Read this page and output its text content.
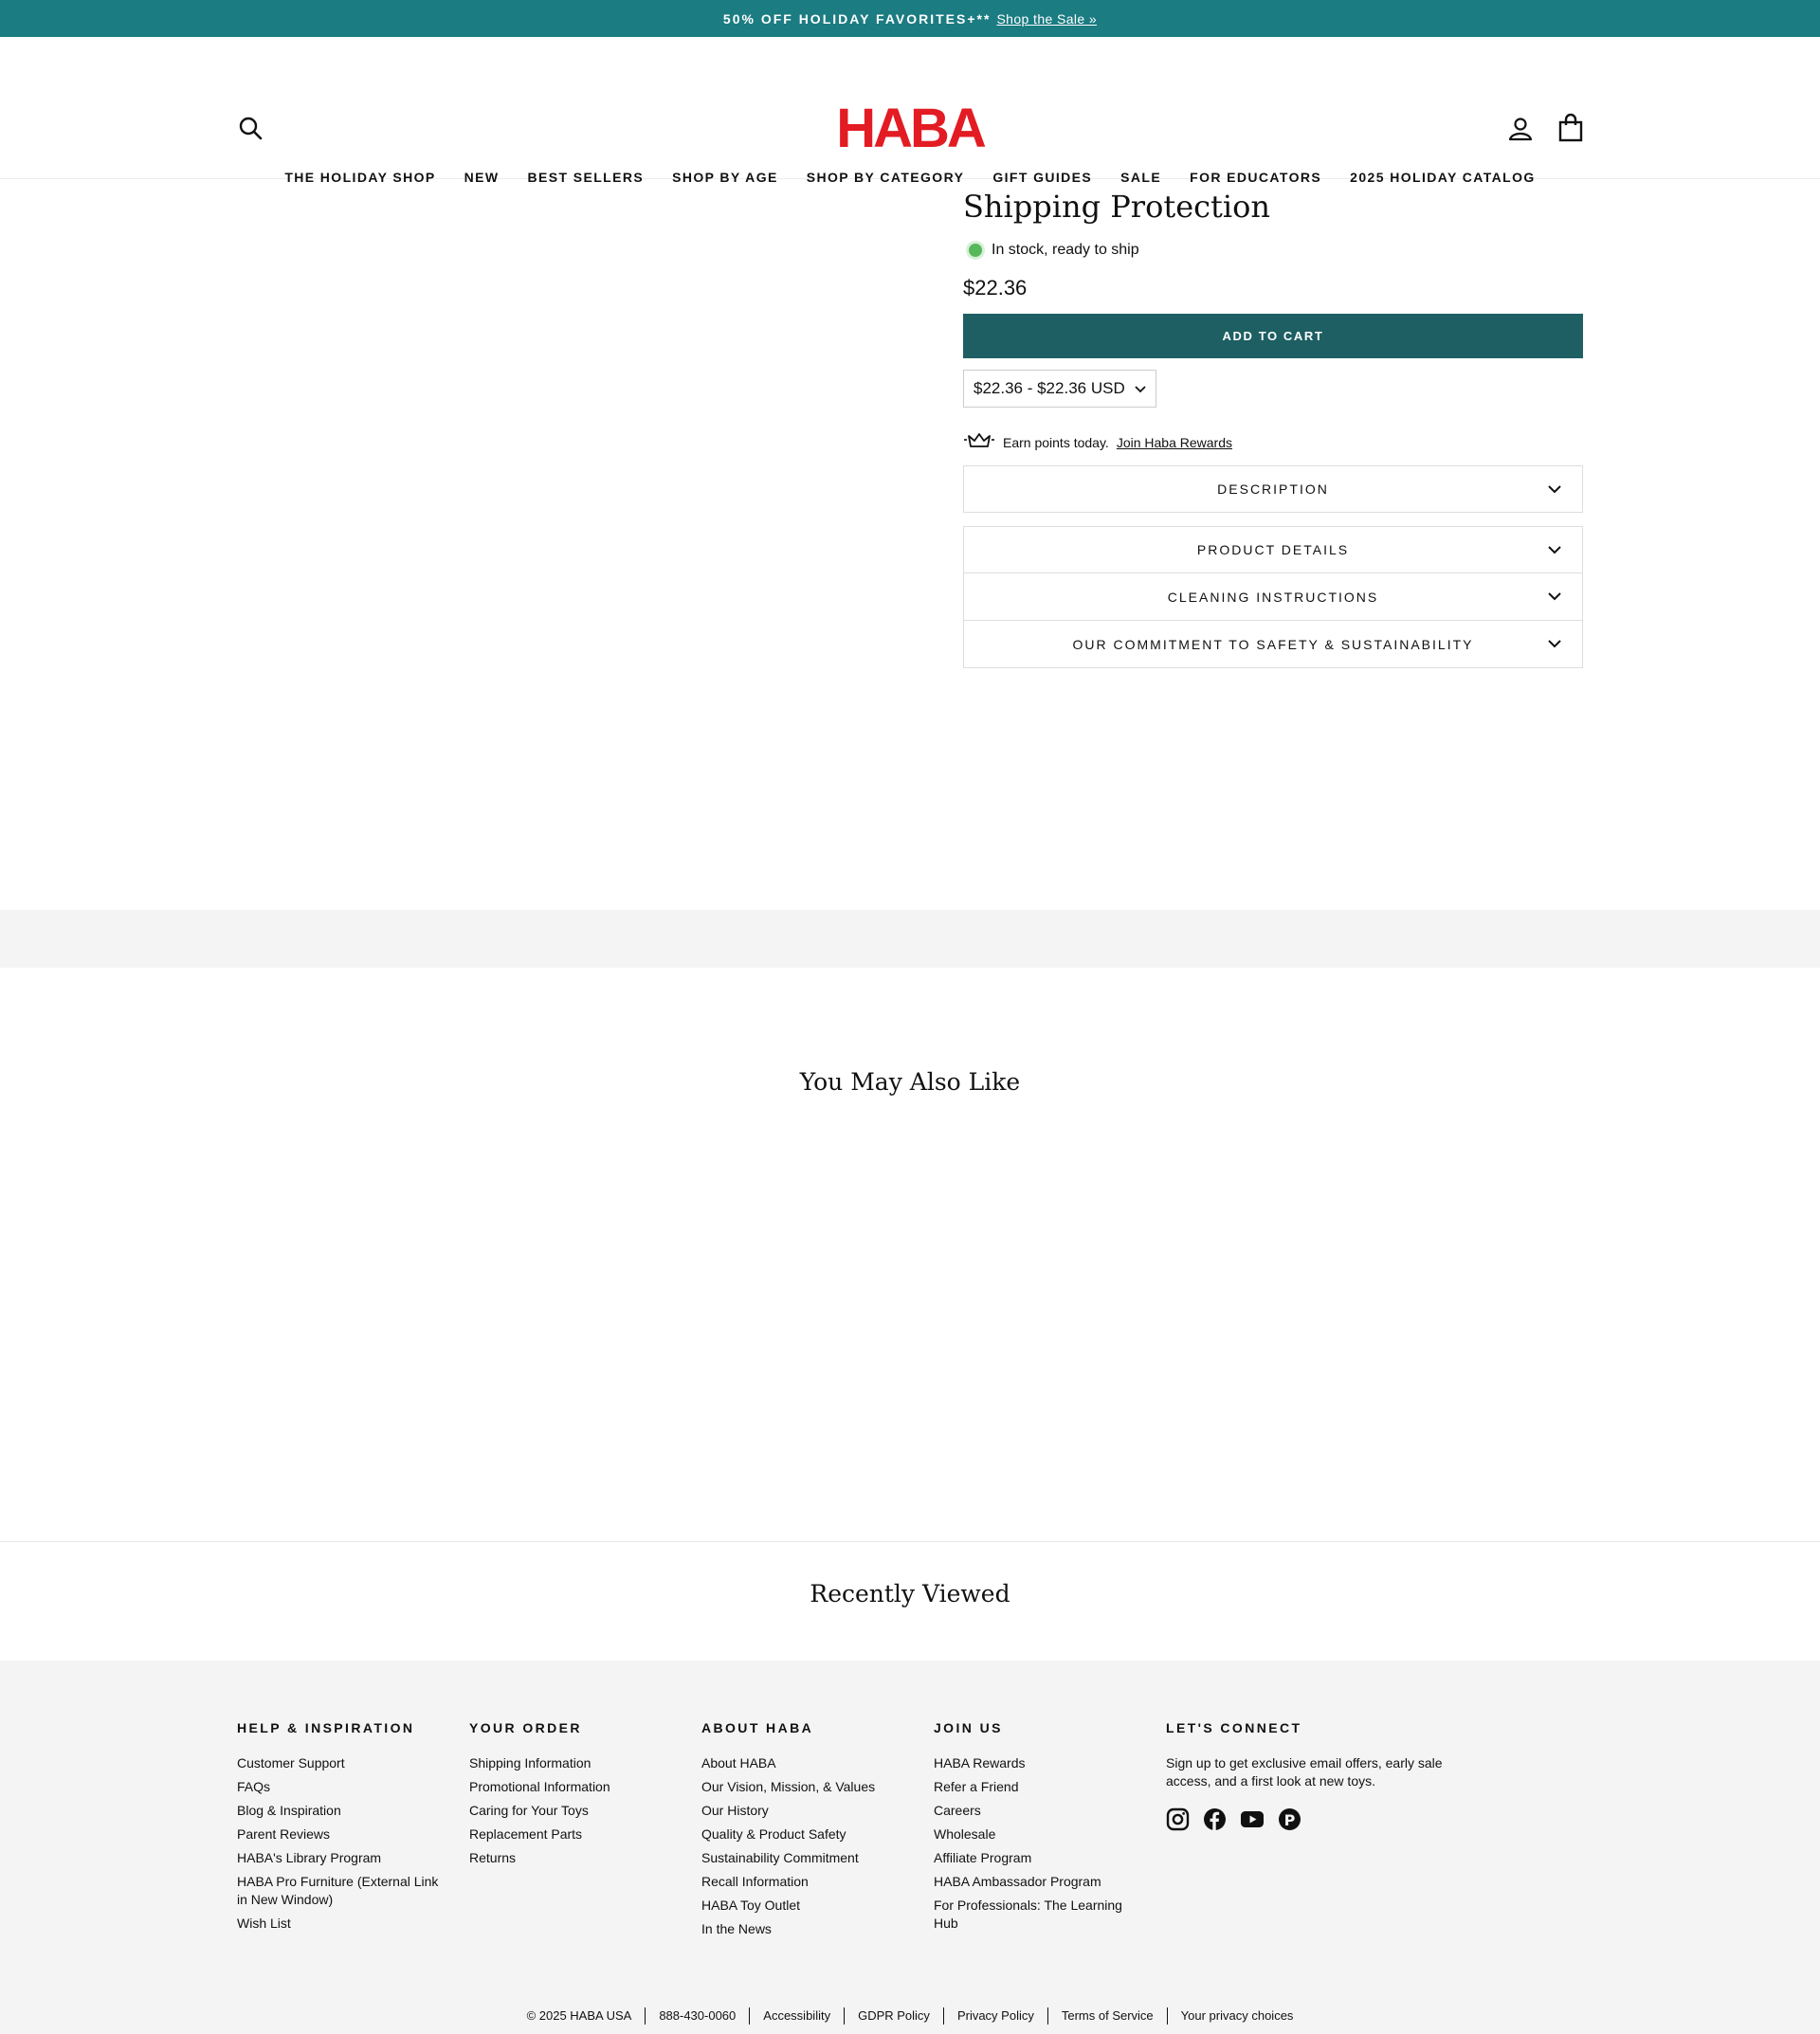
50% OFF HOLIDAY FAVORITES+** Shop the Sale »
HABA
THE HOLIDAY SHOP NEW BEST SELLERS SHOP BY AGE SHOP BY CATEGORY GIFT GUIDES SALE FOR EDUCATORS 2025 HOLIDAY CATALOG
Shipping Protection
In stock, ready to ship
$22.36
ADD TO CART
$22.36 - $22.36 USD
Earn points today. Join Haba Rewards
DESCRIPTION
PRODUCT DETAILS
CLEANING INSTRUCTIONS
OUR COMMITMENT TO SAFETY & SUSTAINABILITY
You May Also Like
Recently Viewed
HELP & INSPIRATION
Customer Support
FAQs
Blog & Inspiration
Parent Reviews
HABA's Library Program
HABA Pro Furniture (External Link in New Window)
Wish List
YOUR ORDER
Shipping Information
Promotional Information
Caring for Your Toys
Replacement Parts
Returns
ABOUT HABA
About HABA
Our Vision, Mission, & Values
Our History
Quality & Product Safety
Sustainability Commitment
Recall Information
HABA Toy Outlet
In the News
JOIN US
HABA Rewards
Refer a Friend
Careers
Wholesale
Affiliate Program
HABA Ambassador Program
For Professionals: The Learning Hub
LET'S CONNECT

Sign up to get exclusive email offers, early sale access, and a first look at new toys.

P
© 2025 HABA USA	888-430-0060	Accessibility	GDPR Policy	Privacy Policy	Terms of Service	Your privacy choices
